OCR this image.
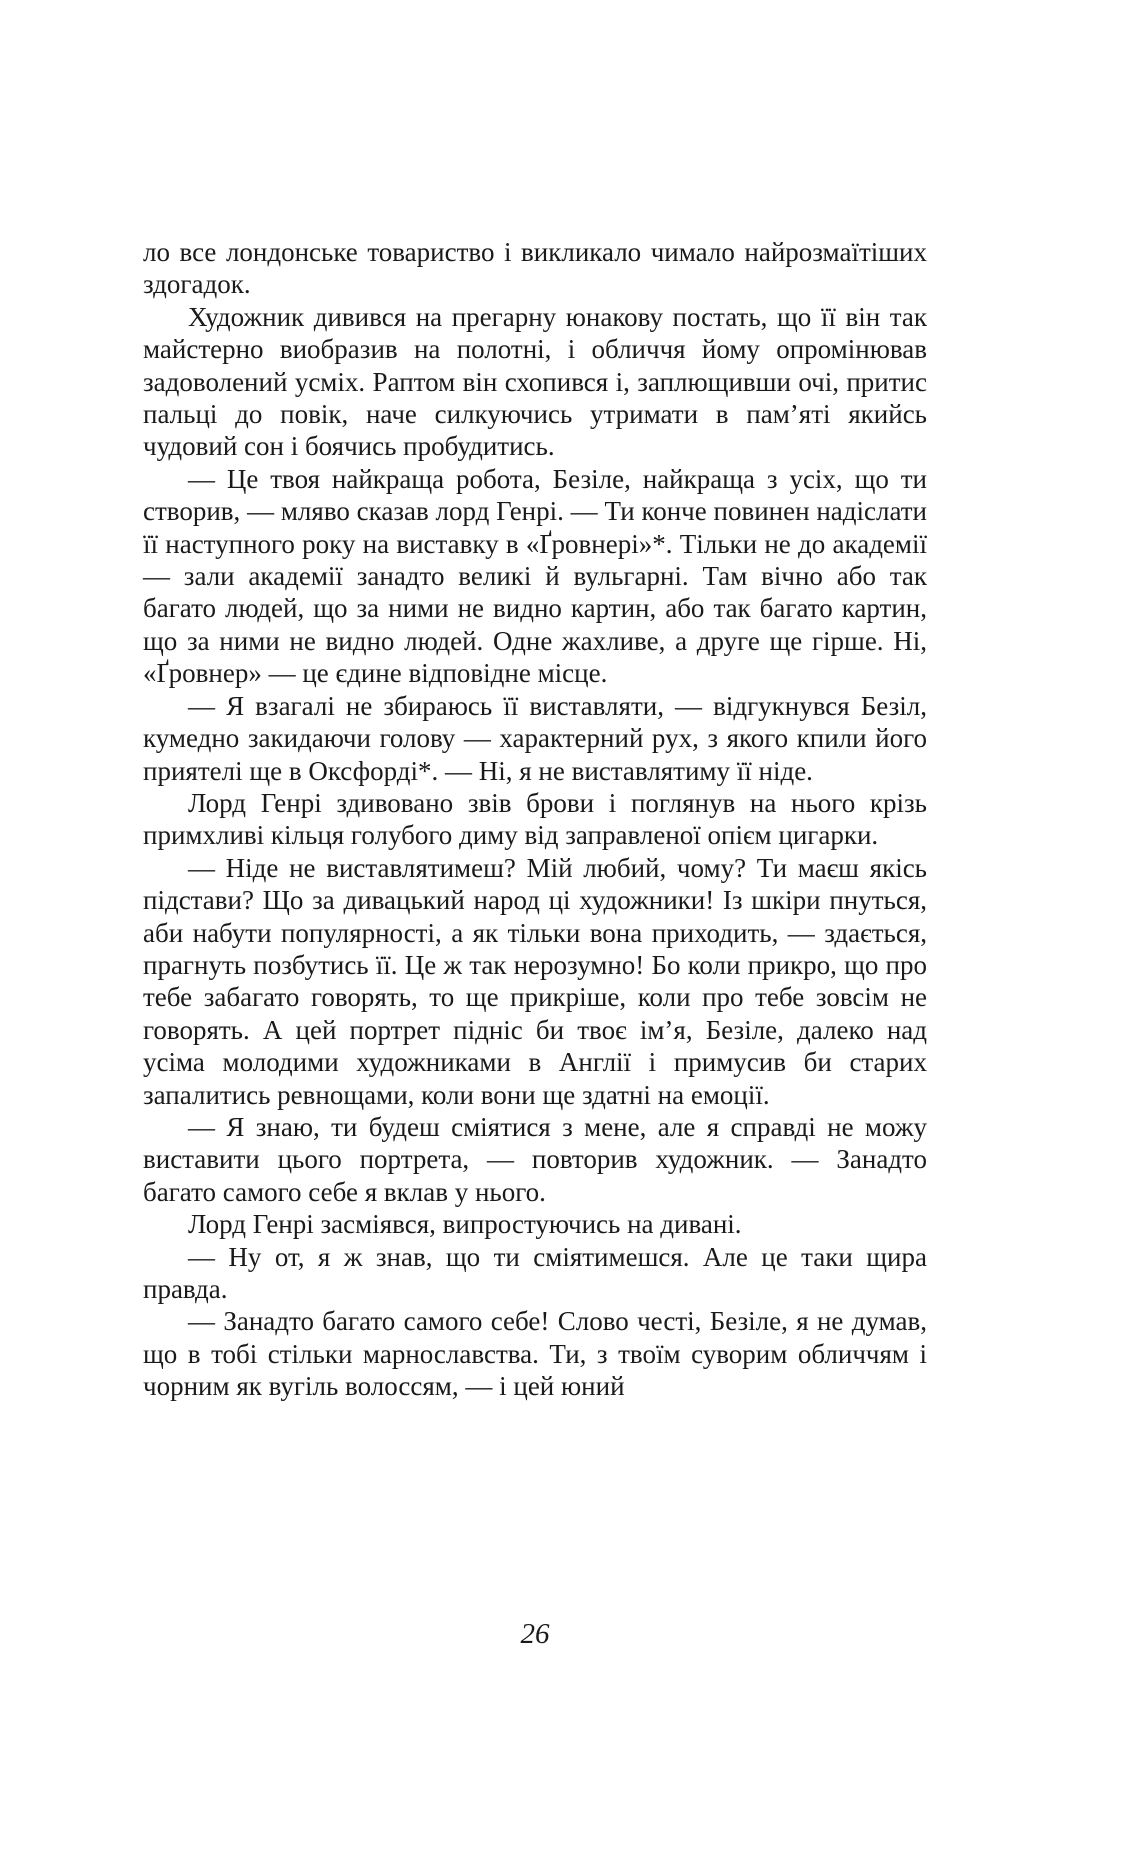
ло все лондонське товариство і викликало чимало найрозмаїтіших здогадок.

Художник дивився на прегарну юнакову постать, що її він так майстерно виобразив на полотні, і обличчя йому опромінював задоволений усміх. Раптом він схопився і, заплющивши очі, притис пальці до повік, наче силкуючись утримати в пам’яті якийсь чудовий сон і боячись пробудитись.

— Це твоя найкраща робота, Безіле, найкраща з усіх, що ти створив, — мляво сказав лорд Генрі. — Ти конче повинен надіслати її наступного року на виставку в «Ґровнері»*. Тільки не до академії — зали академії занадто великі й вульгарні. Там вічно або так багато людей, що за ними не видно картин, або так багато картин, що за ними не видно людей. Одне жахливе, а друге ще гірше. Ні, «Ґровнер» — це єдине відповідне місце.

— Я взагалі не збираюсь її виставляти, — відгукнувся Безіл, кумедно закидаючи голову — характерний рух, з якого кпили його приятелі ще в Оксфорді*. — Ні, я не виставлятиму її ніде.

Лорд Генрі здивовано звів брови і поглянув на нього крізь примхливі кільця голубого диму від заправленої опієм цигарки.

— Ніде не виставлятимеш? Мій любий, чому? Ти маєш якісь підстави? Що за дивацький народ ці художники! Із шкіри пнуться, аби набути популярності, а як тільки вона приходить, — здається, прагнуть позбутись її. Це ж так нерозумно! Бо коли прикро, що про тебе забагато говорять, то ще прикріше, коли про тебе зовсім не говорять. А цей портрет підніс би твоє ім’я, Безіле, далеко над усіма молодими художниками в Англії і примусив би старих запалитись ревнощами, коли вони ще здатні на емоції.

— Я знаю, ти будеш сміятися з мене, але я справді не можу виставити цього портрета, — повторив художник. — Занадто багато самого себе я вклав у нього.

Лорд Генрі засміявся, випростуючись на дивані.

— Ну от, я ж знав, що ти сміятимешся. Але це таки щира правда.

— Занадто багато самого себе! Слово честі, Безіле, я не думав, що в тобі стільки марнославства. Ти, з твоїм суворим обличчям і чорним як вугіль волоссям, — і цей юний

26
